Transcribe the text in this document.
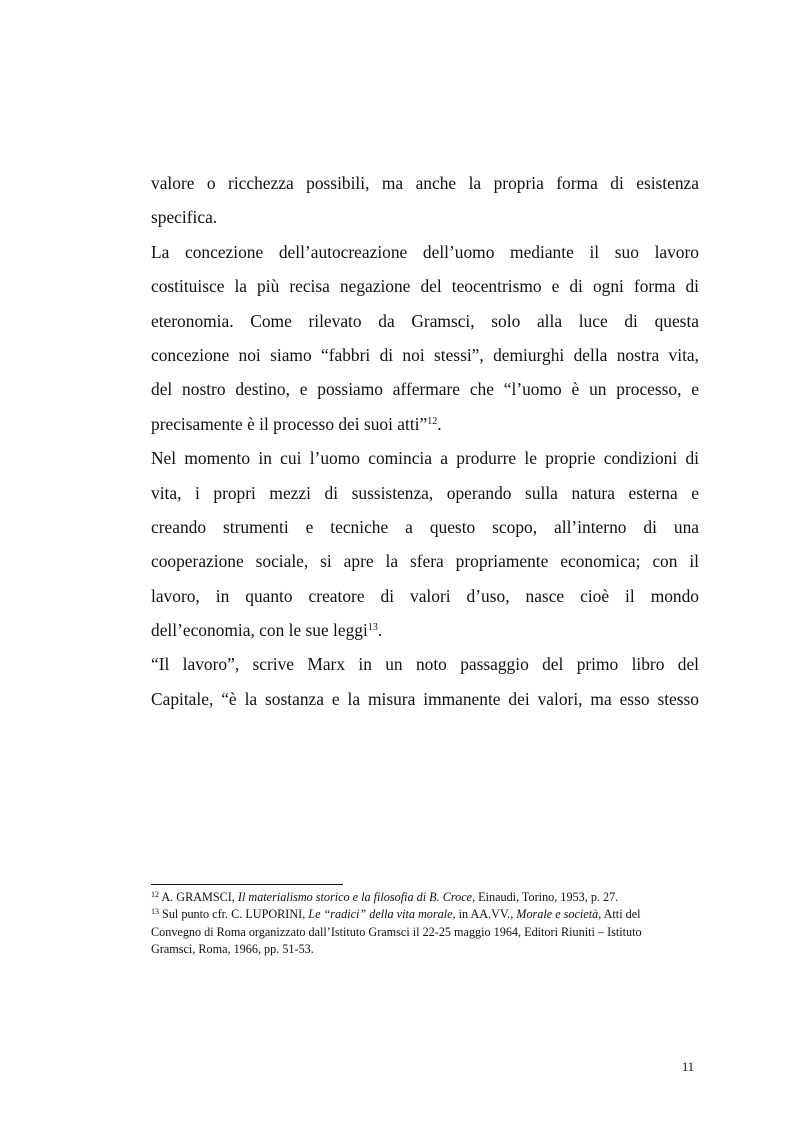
valore o ricchezza possibili, ma anche la propria forma di esistenza
specifica.
La concezione dell’autocreazione dell’uomo mediante il suo lavoro
costituisce la più recisa negazione del teocentrismo e di ogni forma di
eteronomia. Come rilevato da Gramsci, solo alla luce di questa
concezione noi siamo “fabbri di noi stessi”, demiurghi della nostra vita,
del nostro destino, e possiamo affermare che “l’uomo è un processo, e
precisamente è il processo dei suoi atti”$^{12}$.
Nel momento in cui l’uomo comincia a produrre le proprie condizioni di
vita, i propri mezzi di sussistenza, operando sulla natura esterna e
creando strumenti e tecniche a questo scopo, all’interno di una
cooperazione sociale, si apre la sfera propriamente economica; con il
lavoro, in quanto creatore di valori d’uso, nasce cioè il mondo
dell’economia, con le sue leggi$^{13}$.
“Il lavoro”, scrive Marx in un noto passaggio del primo libro del
Capitale, “è la sostanza e la misura immanente dei valori, ma esso stesso
$^{12}$ A. GRAMSCI, Il materialismo storico e la filosofia di B. Croce, Einaudi, Torino, 1953, p. 27.
$^{13}$ Sul punto cfr. C. LUPORINI, Le “radici” della vita morale, in AA.VV., Morale e società, Atti del
Convegno di Roma organizzato dall’Istituto Gramsci il 22-25 maggio 1964, Editori Riuniti – Istituto
Gramsci, Roma, 1966, pp. 51-53.
11
